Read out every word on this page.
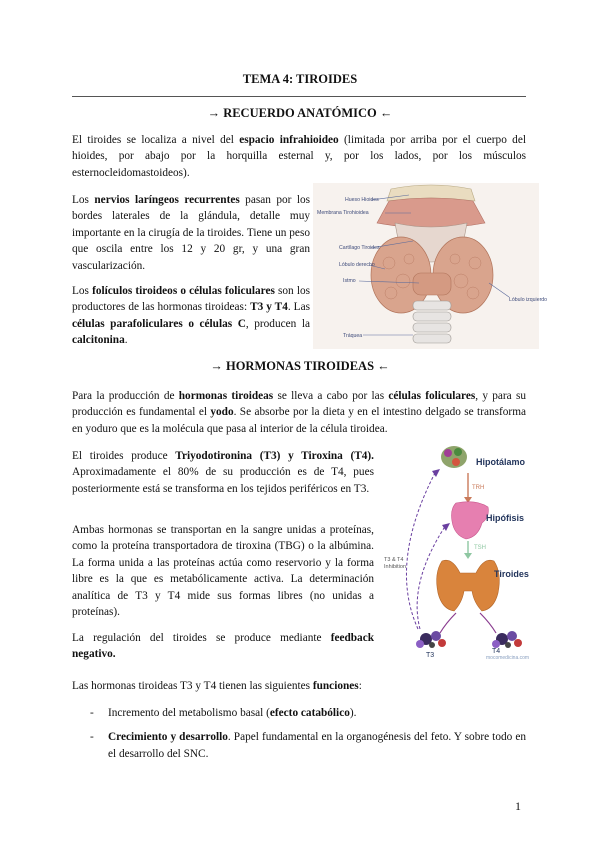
TEMA 4: TIROIDES
→ RECUERDO ANATÓMICO ←
El tiroides se localiza a nivel del espacio infrahioideo (limitada por arriba por el cuerpo del hioides, por abajo por la horquilla esternal y, por los lados, por los músculos esternocleidomastoideos).
Los nervios laríngeos recurrentes pasan por los bordes laterales de la glándula, detalle muy importante en la cirugía de la tiroides. Tiene un peso que oscila entre los 12 y 20 gr, y una gran vascularización.
Los folículos tiroideos o células foliculares son los productores de las hormonas tiroideas: T3 y T4. Las células parafoliculares o células C, producen la calcitonina.
Hueso Hioides
Membrana Tirohioidea
Cartílago Tiroides
Lóbulo derecho
Istmo
Lóbulo izquierdo
Tráquea
→ HORMONAS TIROIDEAS ←
Para la producción de hormonas tiroideas se lleva a cabo por las células foliculares, y para su producción es fundamental el yodo. Se absorbe por la dieta y en el intestino delgado se transforma en yoduro que es la molécula que pasa al interior de la célula tiroidea.
El tiroides produce Triyodotironina (T3) y Tiroxina (T4). Aproximadamente el 80% de su producción es de T4, pues posteriormente está se transforma en los tejidos periféricos en T3.
Ambas hormonas se transportan en la sangre unidas a proteínas, como la proteína transportadora de tiroxina (TBG) o la albúmina. La forma unida a las proteínas actúa como reservorio y la forma libre es la que es metabólicamente activa. La determinación analítica de T3 y T4 mide sus formas libres (no unidas a proteínas).
La regulación del tiroides se produce mediante feedback negativo.
Hipotálamo
TRH
Hipófisis
TSH
Tiroides
T3
T4
T3 & T4 Inhibition
mocomedicina.com
Las hormonas tiroideas T3 y T4 tienen las siguientes funciones:
- Incremento del metabolismo basal (efecto catabólico).
- Crecimiento y desarrollo. Papel fundamental en la organogénesis del feto. Y sobre todo en el desarrollo del SNC.
1
